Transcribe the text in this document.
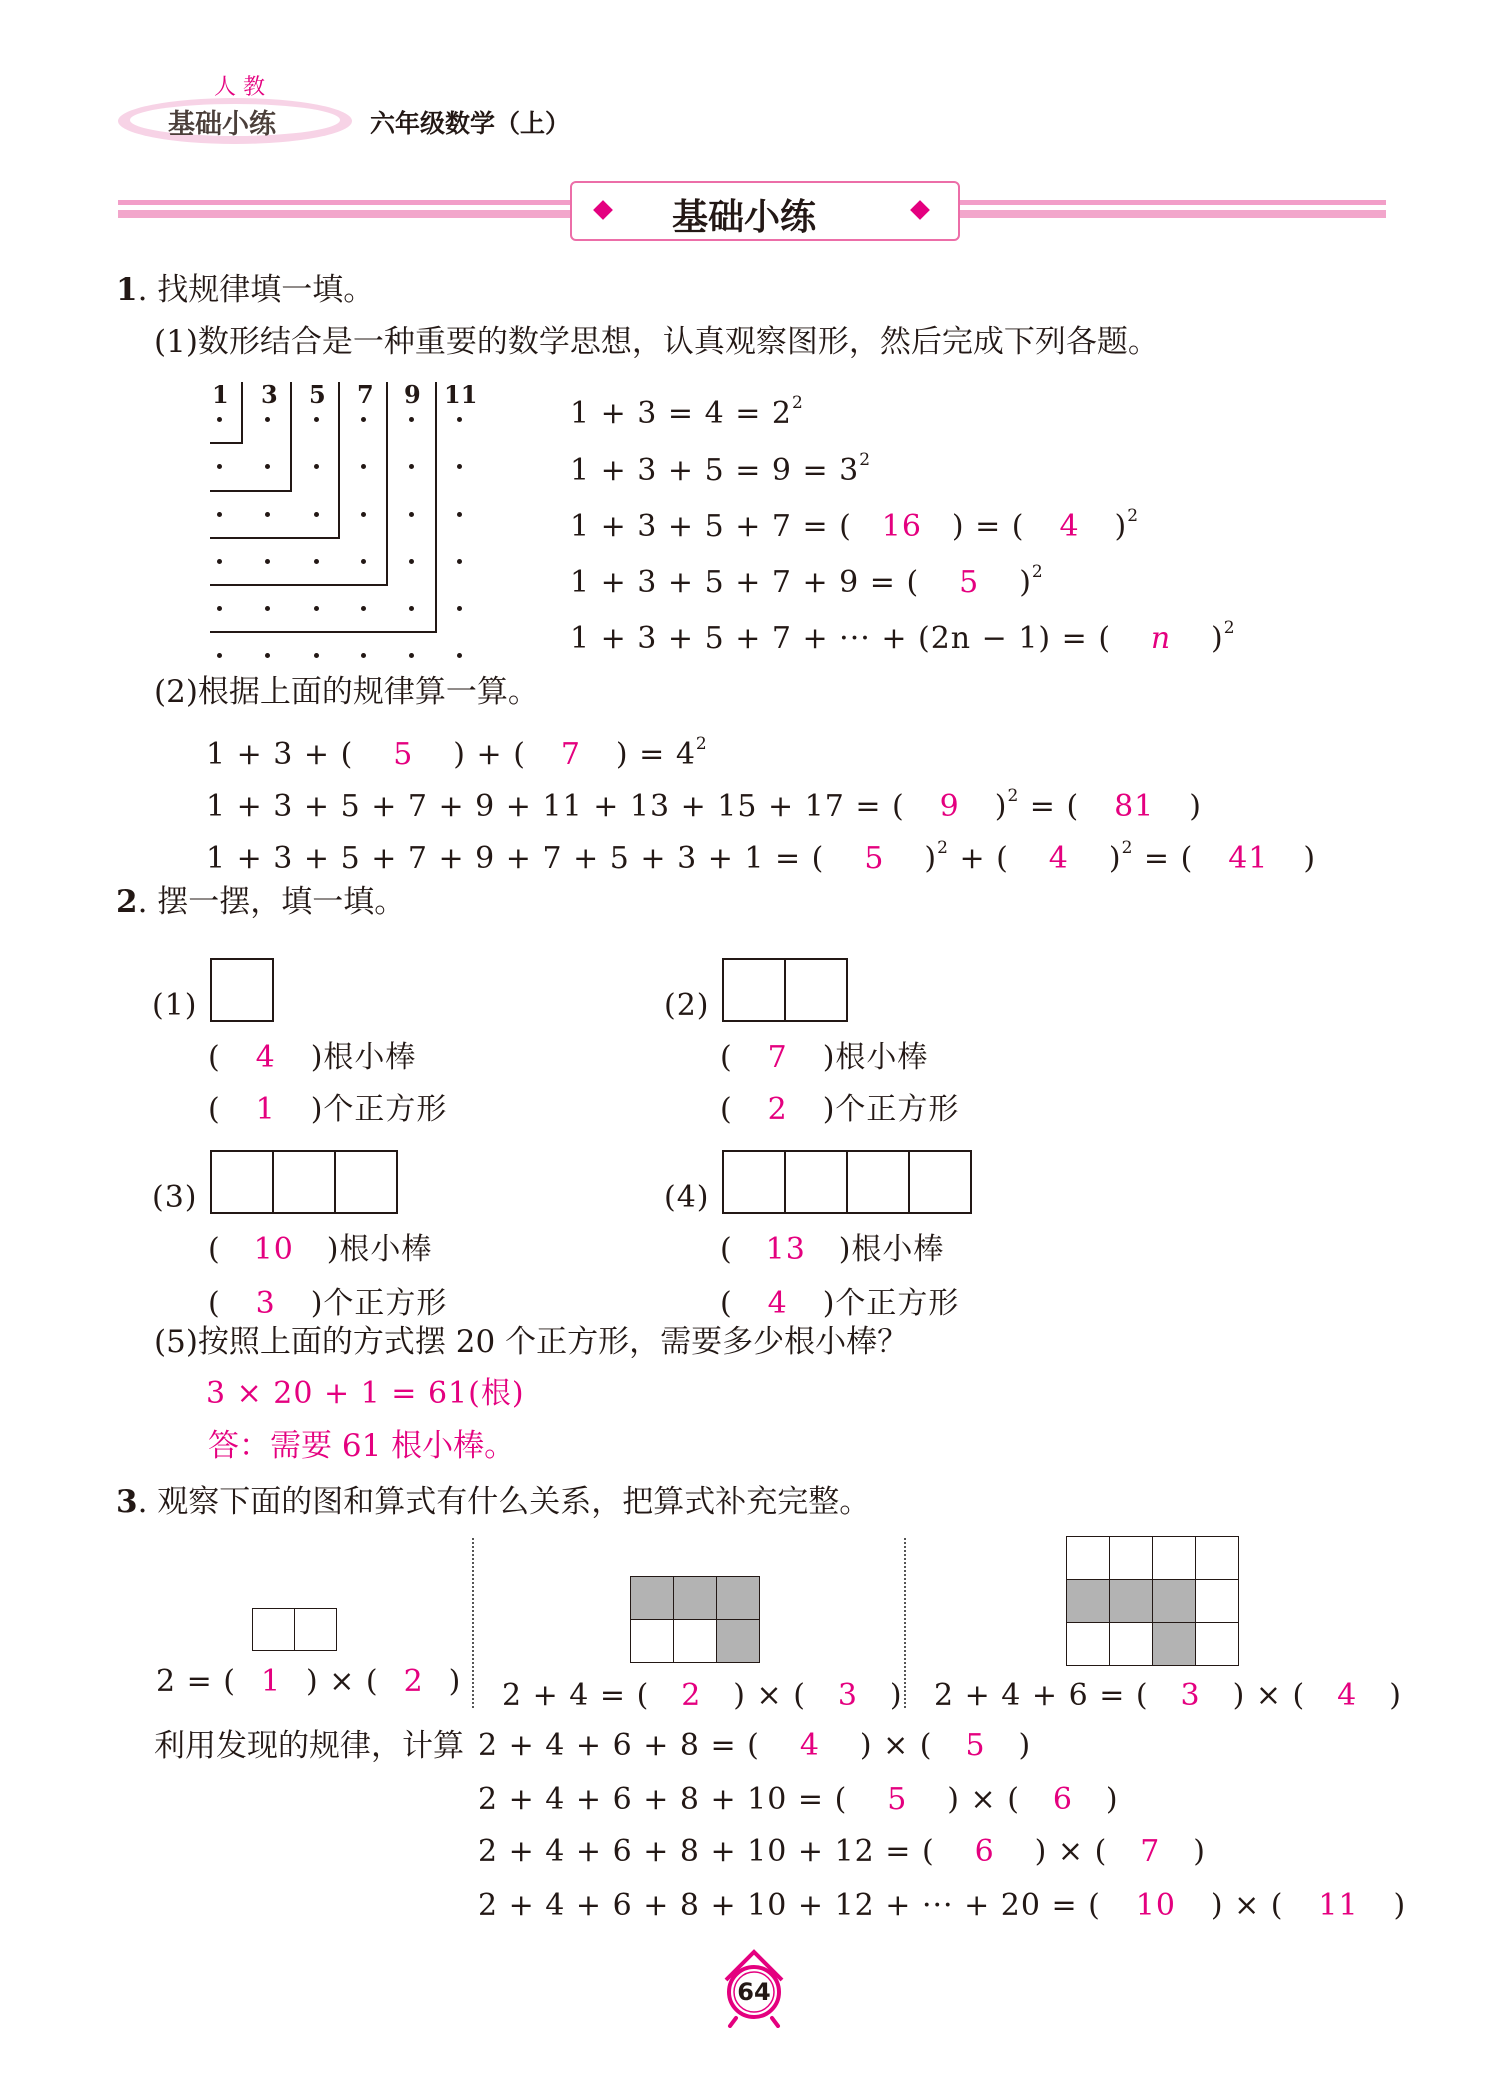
人 教
基础小练	六年级数学（上）
基础小练
1. 找规律填一填。
(1)数形结合是一种重要的数学思想，认真观察图形，然后完成下列各题。
1 3 5 7 9 11
$1 + 3 = 4 = 2^2$
$1 + 3 + 5 = 9 = 3^2$
1 + 3 + 5 + 7 = ( 16 ) = ( 4 )$^2$
1 + 3 + 5 + 7 + 9 = ( 5 )$^2$
1 + 3 + 5 + 7 + ··· + (2n − 1) = ( n )$^2$
(2)根据上面的规律算一算。
1 + 3 + ( 5 ) + ( 7 ) = $4^2$
1 + 3 + 5 + 7 + 9 + 11 + 13 + 15 + 17 = ( 9 )$^2$ = ( 81 )
1 + 3 + 5 + 7 + 9 + 7 + 5 + 3 + 1 = ( 5 )$^2$ + ( 4 )$^2$ = ( 41 )
2. 摆一摆，填一填。
(1)	(2)
(3)	(4)
( 4 )根小棒
( 1 )个正方形
( 7 )根小棒
( 2 )个正方形
( 10 )根小棒
( 3 )个正方形
( 13 )根小棒
( 4 )个正方形
(5)按照上面的方式摆 20 个正方形，需要多少根小棒？
3 × 20 + 1 = 61(根)
答：需要 61 根小棒。
3. 观察下面的图和算式有什么关系，把算式补充完整。
2 = ( 1 ) × ( 2 ) 2 + 4 = ( 2 ) × ( 3 ) 2 + 4 + 6 = ( 3 ) × ( 4 )
利用发现的规律，计算 2 + 4 + 6 + 8 = ( 4 ) × ( 5 )
2 + 4 + 6 + 8 + 10 = ( 5 ) × ( 6 )
2 + 4 + 6 + 8 + 10 + 12 = ( 6 ) × ( 7 )
2 + 4 + 6 + 8 + 10 + 12 + ··· + 20 = ( 10 ) × ( 11 )
64
